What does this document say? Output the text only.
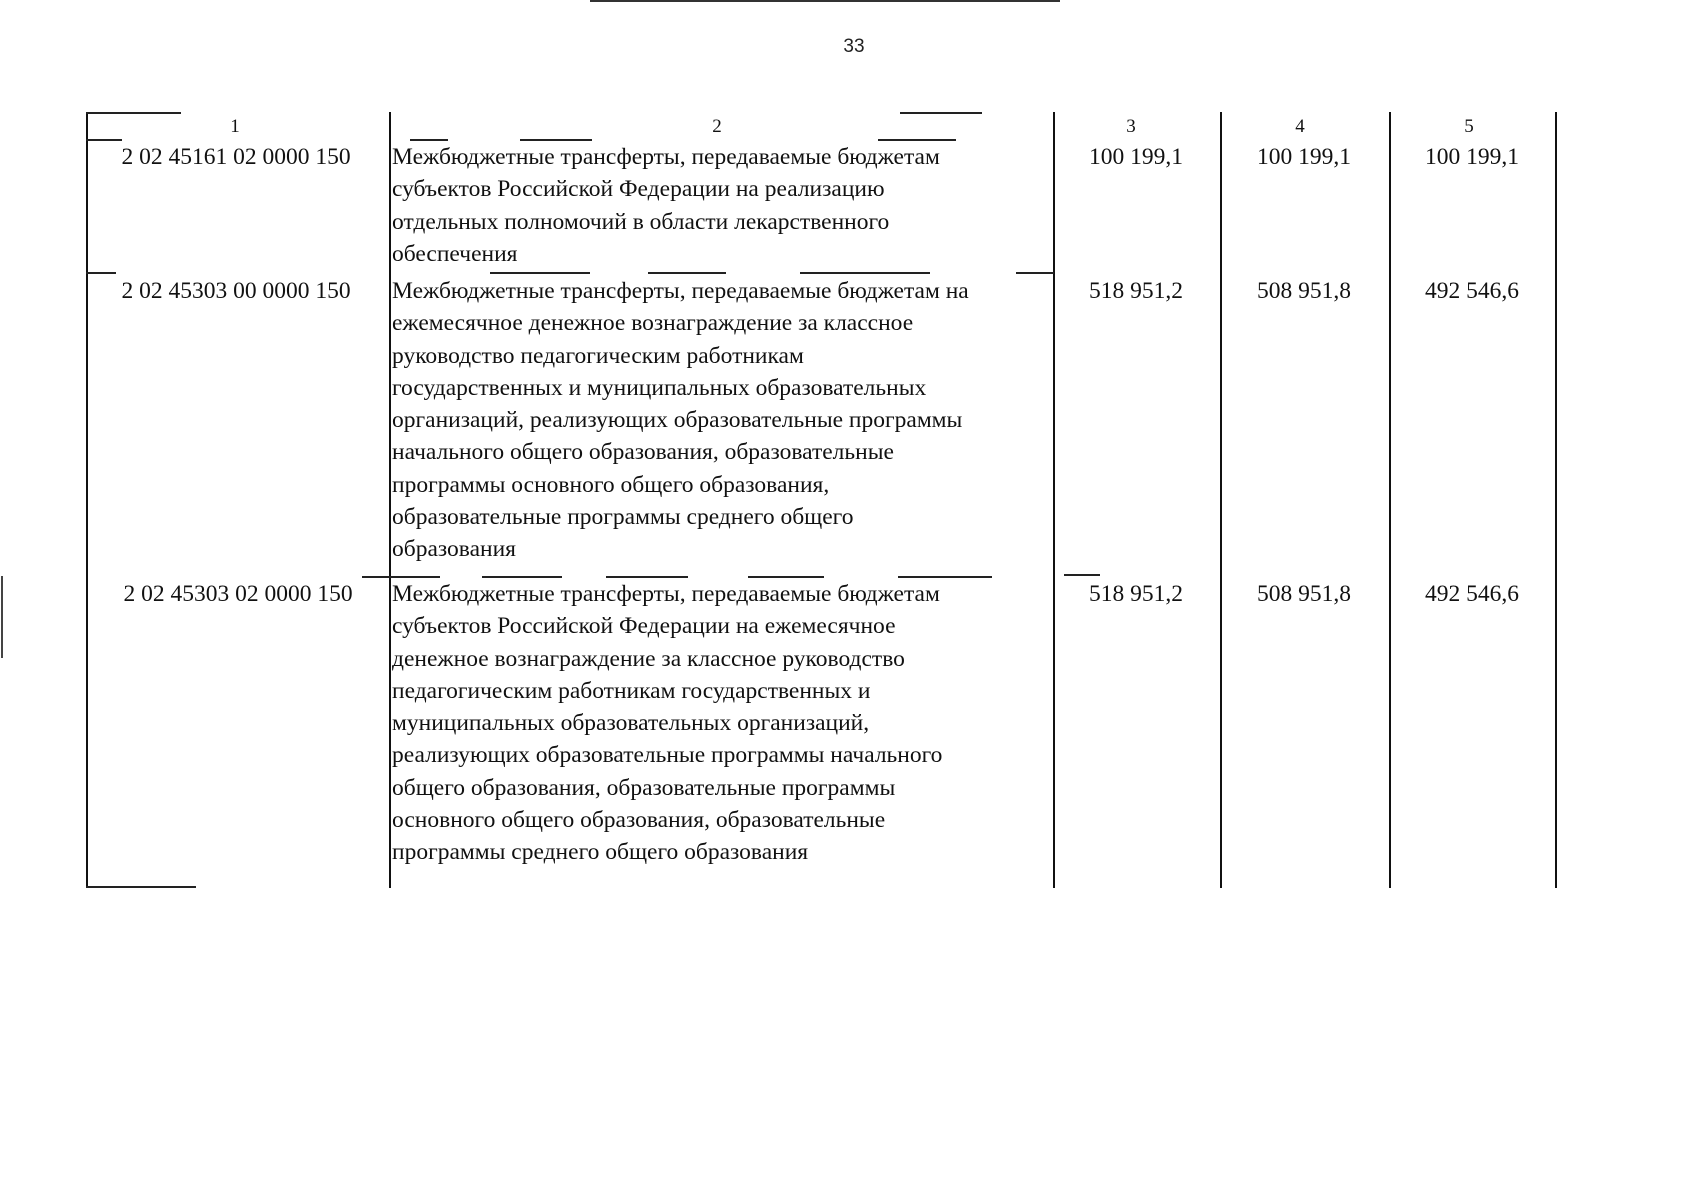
33
1	2	3	4	5
2 02 45161 02 0000 150	Межбюджетные трансферты, передаваемые бюджетам
субъектов Российской Федерации на реализацию
отдельных полномочий в области лекарственного
обеспечения
100 199,1	100 199,1	100 199,1
2 02 45303 00 0000 150	Межбюджетные трансферты, передаваемые бюджетам на
ежемесячное денежное вознаграждение за классное
руководство педагогическим работникам
государственных и муниципальных образовательных
организаций, реализующих образовательные программы
начального общего образования, образовательные
программы основного общего образования,
образовательные программы среднего общего
образования
518 951,2	508 951,8	492 546,6
2 02 45303 02 0000 150	Межбюджетные трансферты, передаваемые бюджетам
субъектов Российской Федерации на ежемесячное
денежное вознаграждение за классное руководство
педагогическим работникам государственных и
муниципальных образовательных организаций,
реализующих образовательные программы начального
общего образования, образовательные программы
основного общего образования, образовательные
программы среднего общего образования
518 951,2	508 951,8	492 546,6
